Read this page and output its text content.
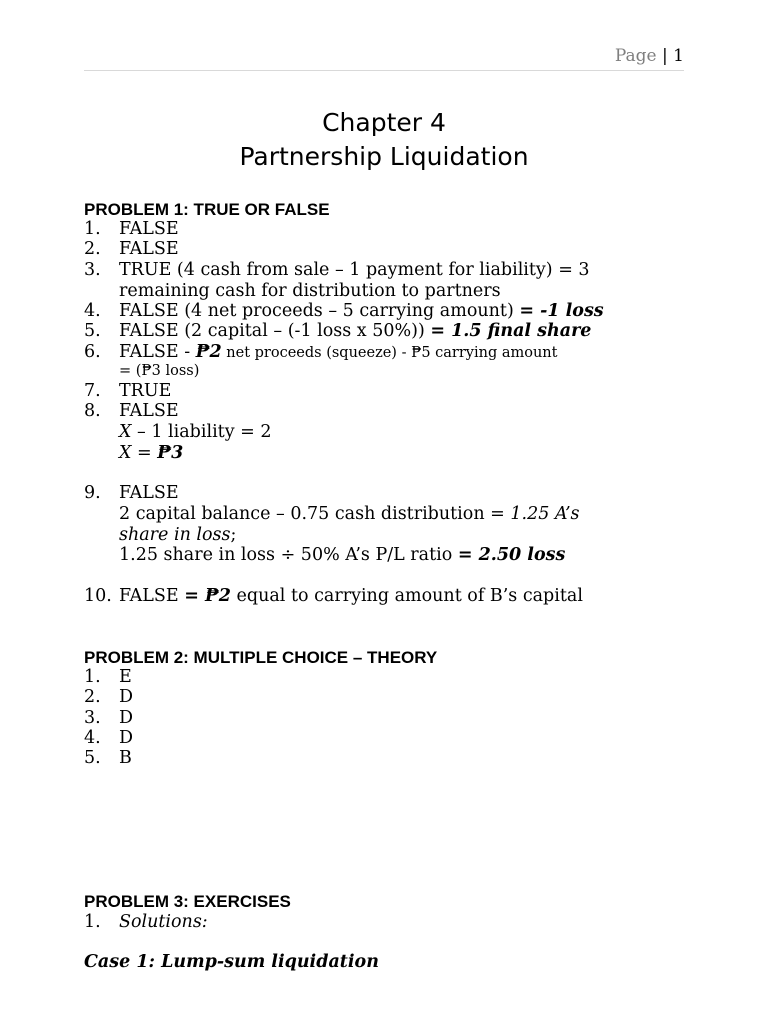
Page | 1
Chapter 4
Partnership Liquidation
PROBLEM 1: TRUE OR FALSE
1. FALSE
2. FALSE
3. TRUE (4 cash from sale – 1 payment for liability) = 3
remaining cash for distribution to partners
4. FALSE (4 net proceeds – 5 carrying amount) = -1 loss
5. FALSE (2 capital – (-1 loss x 50%)) = 1.5 final share
6. FALSE - ₱2 net proceeds (squeeze) - ₱5 carrying amount
= (₱3 loss)
7. TRUE
8. FALSE
X – 1 liability = 2
X = ₱3
9. FALSE
2 capital balance – 0.75 cash distribution = 1.25 A’s
share in loss;
1.25 share in loss ÷ 50% A’s P/L ratio = 2.50 loss
10. FALSE = ₱2 equal to carrying amount of B’s capital
PROBLEM 2: MULTIPLE CHOICE – THEORY
1. E
2. D
3. D
4. D
5. B
PROBLEM 3: EXERCISES
1. Solutions:
Case 1: Lump-sum liquidation
